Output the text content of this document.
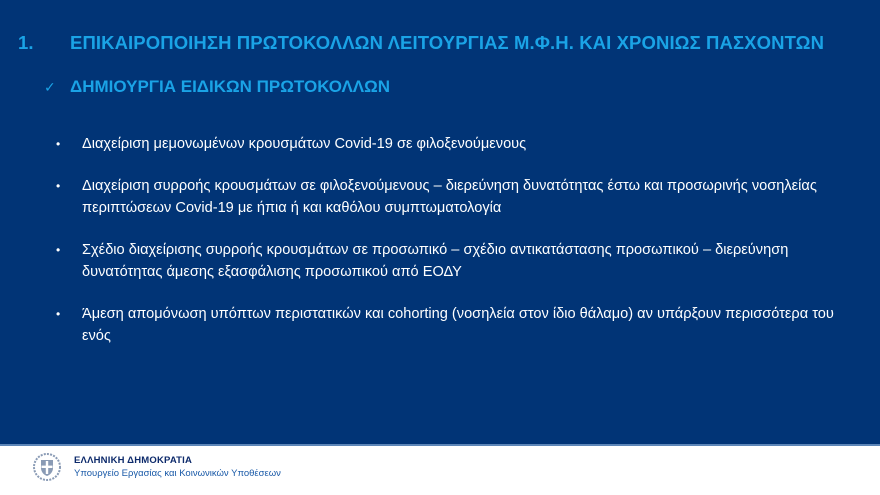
1.	ΕΠΙΚΑΙΡΟΠΟΙΗΣΗ ΠΡΩΤΟΚΟΛΛΩΝ ΛΕΙΤΟΥΡΓΙΑΣ Μ.Φ.Η. ΚΑΙ ΧΡΟΝΙΩΣ ΠΑΣΧΟΝΤΩΝ
✓ ΔΗΜΙΟΥΡΓΙΑ ΕΙΔΙΚΩΝ ΠΡΩΤΟΚΟΛΛΩΝ
•	Διαχείριση μεμονωμένων κρουσμάτων Covid-19 σε φιλοξενούμενους
•	Διαχείριση συρροής κρουσμάτων σε φιλοξενούμενους – διερεύνηση δυνατότητας έστω και προσωρινής νοσηλείας περιπτώσεων Covid-19 με ήπια ή και καθόλου συμπτωματολογία
•	Σχέδιο διαχείρισης συρροής κρουσμάτων σε προσωπικό – σχέδιο αντικατάστασης προσωπικού – διερεύνηση δυνατότητας άμεσης εξασφάλισης προσωπικού από ΕΟΔΥ
•	Άμεση απομόνωση υπόπτων περιστατικών και cohorting (νοσηλεία στον ίδιο θάλαμο) αν υπάρξουν περισσότερα του ενός
ΕΛΛΗΝΙΚΗ ΔΗΜΟΚΡΑΤΙΑ
Υπουργείο Εργασίας και Κοινωνικών Υποθέσεων
